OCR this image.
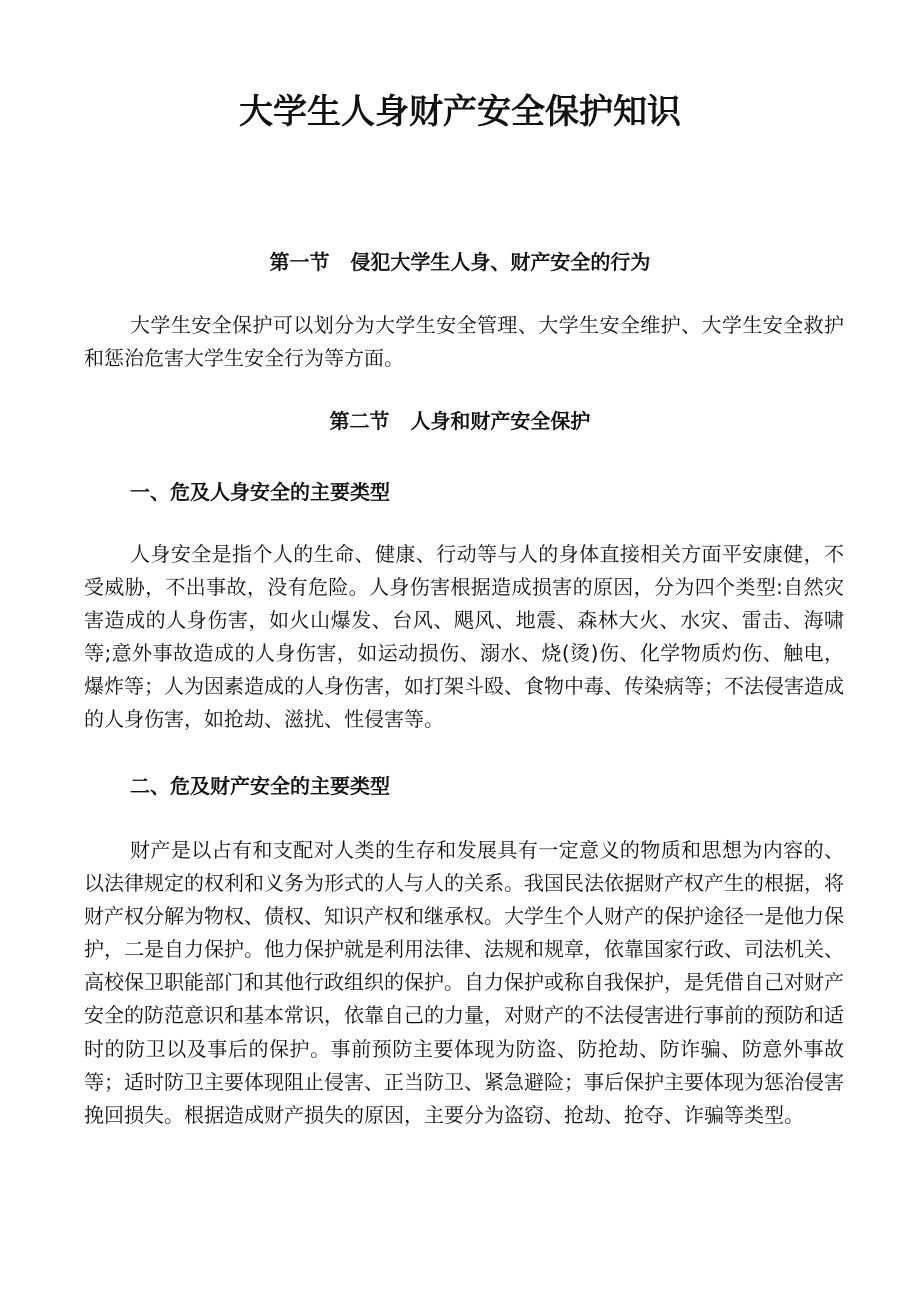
大学生人身财产安全保护知识
第一节   侵犯大学生人身、财产安全的行为

大学生安全保护可以划分为大学生安全管理、大学生安全维护、大学生安全救护和惩治危害大学生安全行为等方面。

第二节   人身和财产安全保护
一、危及人身安全的主要类型

人身安全是指个人的生命、健康、行动等与人的身体直接相关方面平安康健，不受威胁，不出事故，没有危险。人身伤害根据造成损害的原因，分为四个类型:自然灾害造成的人身伤害，如火山爆发、台风、飓风、地震、森林大火、水灾、雷击、海啸等;意外事故造成的人身伤害，如运动损伤、溺水、烧(烫)伤、化学物质灼伤、触电，爆炸等；人为因素造成的人身伤害，如打架斗殴、食物中毒、传染病等；不法侵害造成的人身伤害，如抢劫、滋扰、性侵害等。

二、危及财产安全的主要类型

财产是以占有和支配对人类的生存和发展具有一定意义的物质和思想为内容的、以法律规定的权利和义务为形式的人与人的关系。我国民法依据财产权产生的根据，将财产权分解为物权、债权、知识产权和继承权。大学生个人财产的保护途径一是他力保护，二是自力保护。他力保护就是利用法律、法规和规章，依靠国家行政、司法机关、高校保卫职能部门和其他行政组织的保护。自力保护或称自我保护，是凭借自己对财产安全的防范意识和基本常识，依靠自己的力量，对财产的不法侵害进行事前的预防和适时的防卫以及事后的保护。事前预防主要体现为防盗、防抢劫、防诈骗、防意外事故等；适时防卫主要体现阻止侵害、正当防卫、紧急避险；事后保护主要体现为惩治侵害挽回损失。根据造成财产损失的原因，主要分为盗窃、抢劫、抢夺、诈骗等类型。
